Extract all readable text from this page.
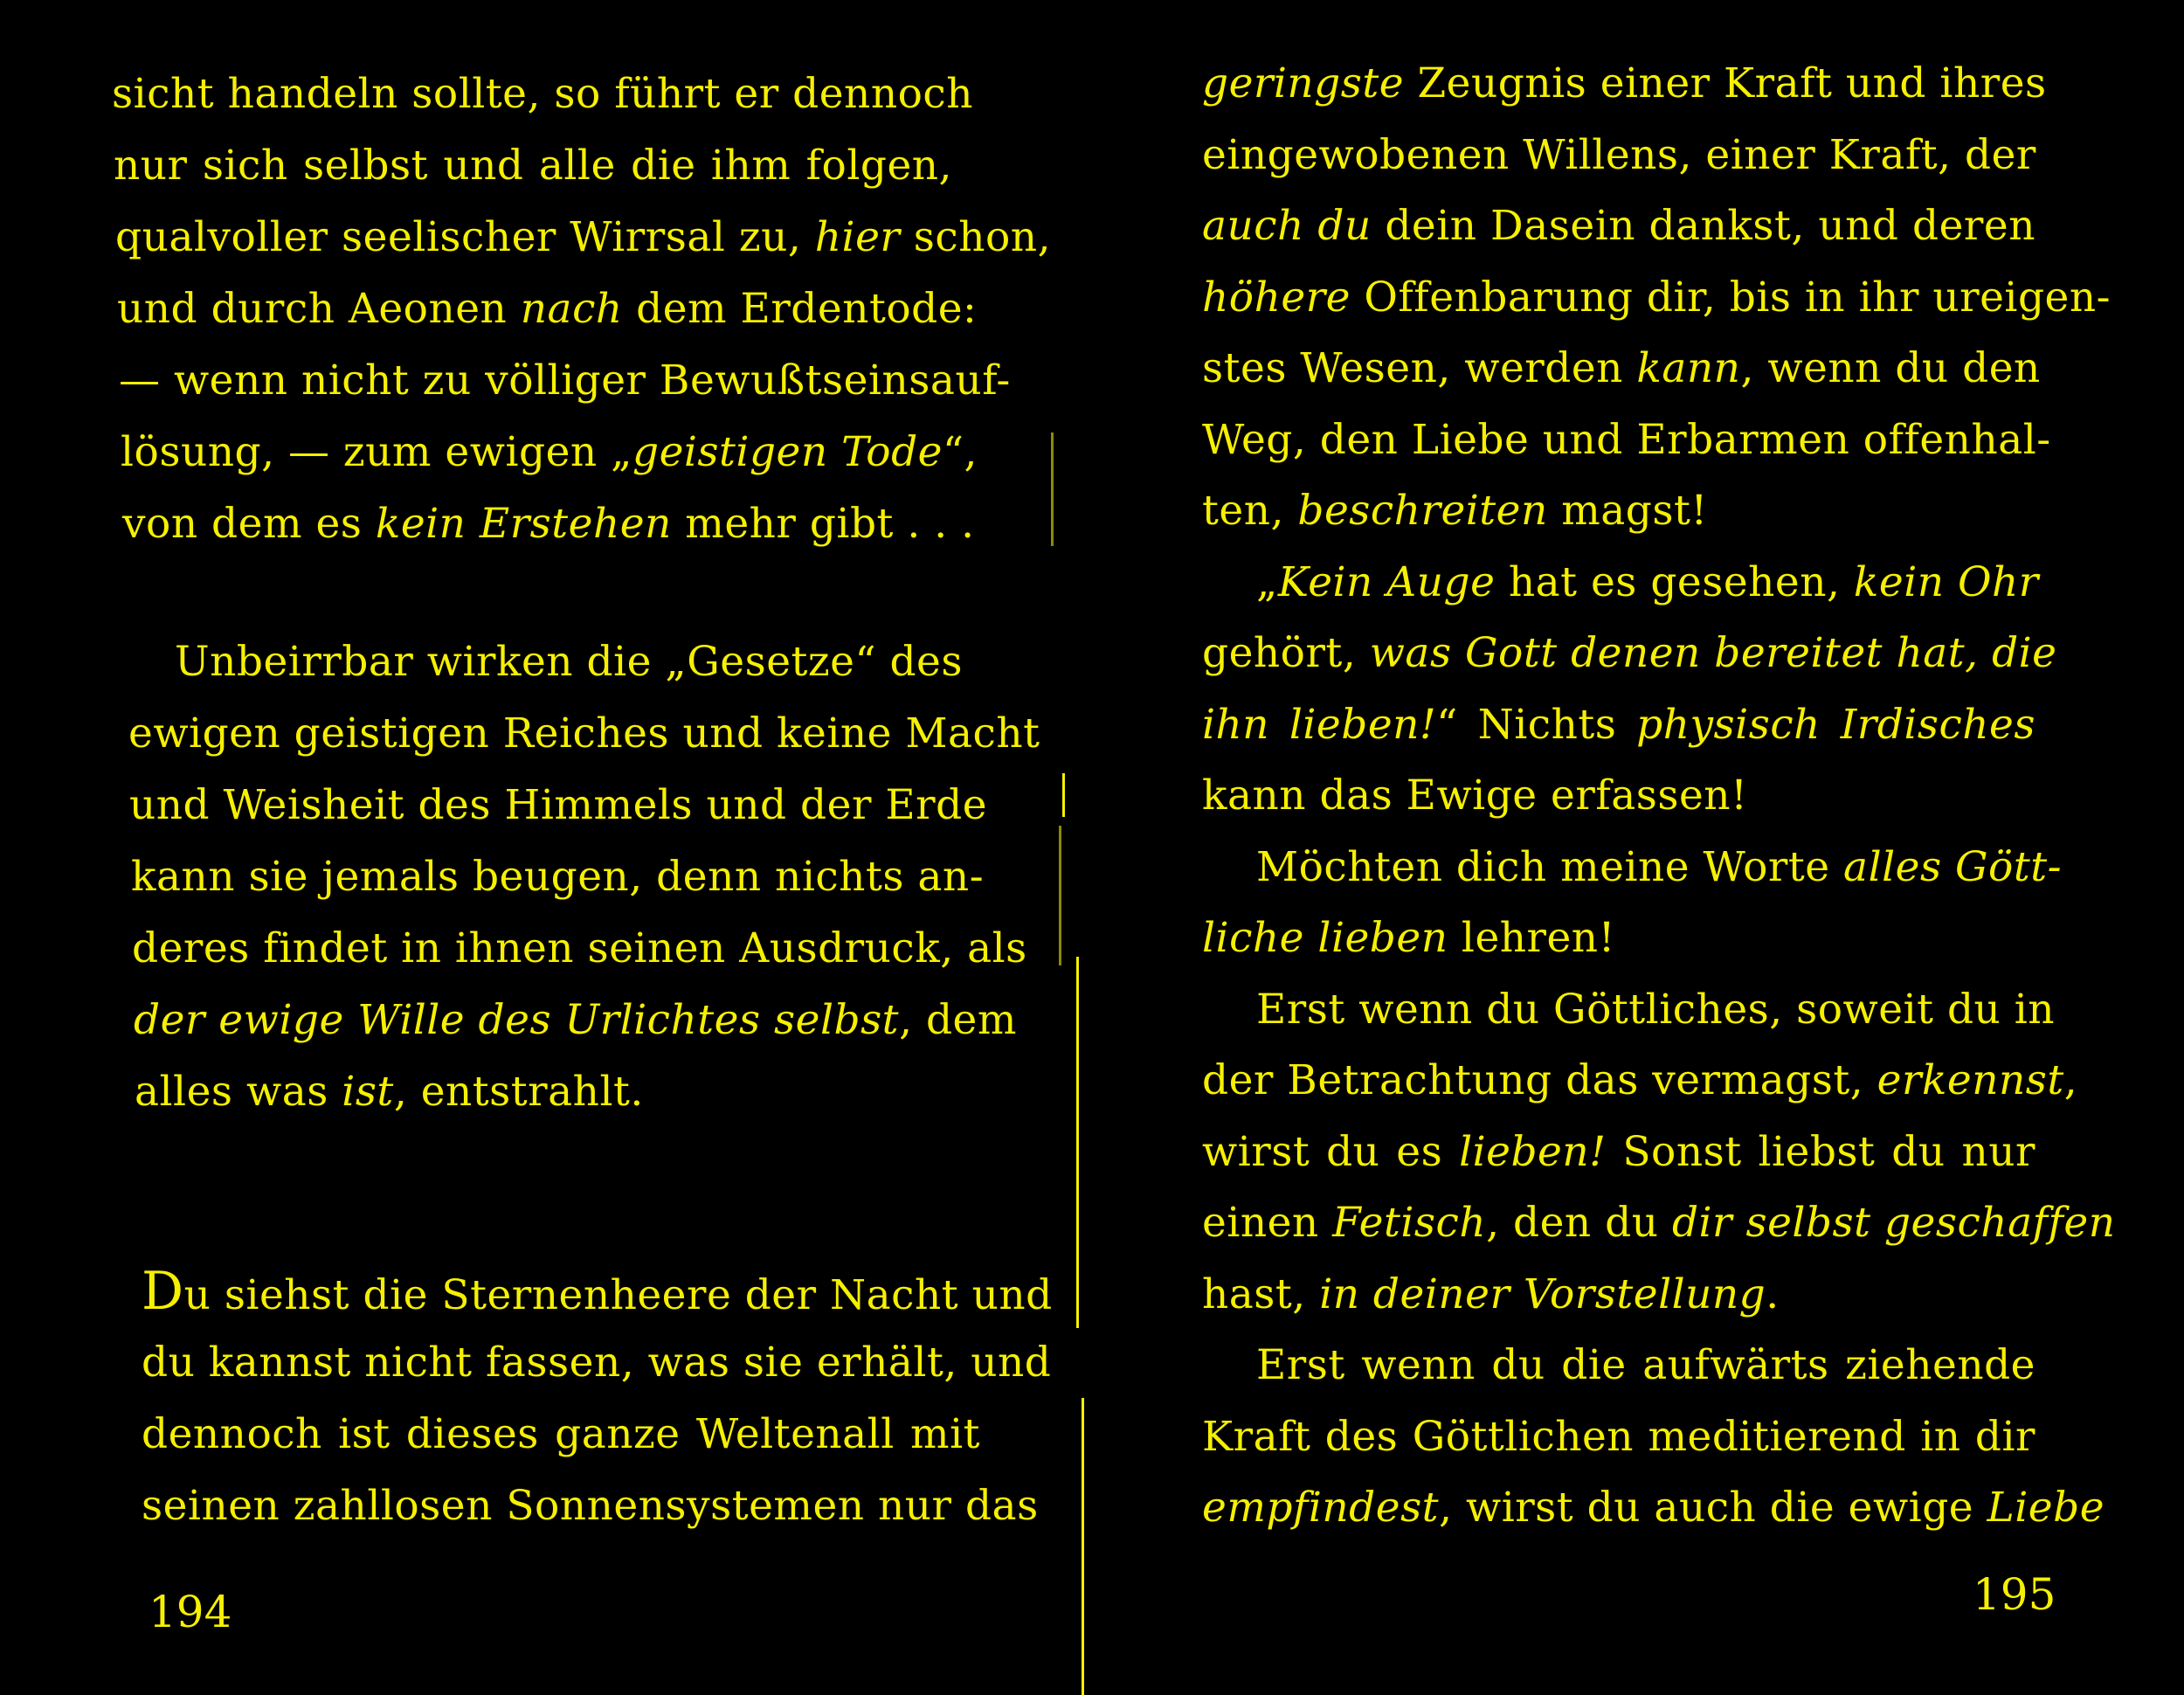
sicht handeln sollte, so führt er dennoch
nur sich selbst und alle die ihm folgen,
qualvoller seelischer Wirrsal zu, hier schon,
und durch Aeonen nach dem Erdentode:
— wenn nicht zu völliger Bewußtseinsauf-
lösung, — zum ewigen „geistigen Tode“,
von dem es kein Erstehen mehr gibt . . .
Unbeirrbar wirken die „Gesetze“ des
ewigen geistigen Reiches und keine Macht
und Weisheit des Himmels und der Erde
kann sie jemals beugen, denn nichts an-
deres findet in ihnen seinen Ausdruck, als
der ewige Wille des Urlichtes selbst, dem
alles was ist, entstrahlt.
Du siehst die Sternenheere der Nacht und
du kannst nicht fassen, was sie erhält, und
dennoch ist dieses ganze Weltenall mit
seinen zahllosen Sonnensystemen nur das
194
geringste Zeugnis einer Kraft und ihres
eingewobenen Willens, einer Kraft, der
auch du dein Dasein dankst, und deren
höhere Offenbarung dir, bis in ihr ureigen-
stes Wesen, werden kann, wenn du den
Weg, den Liebe und Erbarmen offenhal-
ten, beschreiten magst!
„Kein Auge hat es gesehen, kein Ohr
gehört, was Gott denen bereitet hat, die
ihn lieben!“ Nichts physisch Irdisches
kann das Ewige erfassen!
Möchten dich meine Worte alles Gött-
liche lieben lehren!
Erst wenn du Göttliches, soweit du in
der Betrachtung das vermagst, erkennst,
wirst du es lieben! Sonst liebst du nur
einen Fetisch, den du dir selbst geschaffen
hast, in deiner Vorstellung.
Erst wenn du die aufwärts ziehende
Kraft des Göttlichen meditierend in dir
empfindest, wirst du auch die ewige Liebe
195
